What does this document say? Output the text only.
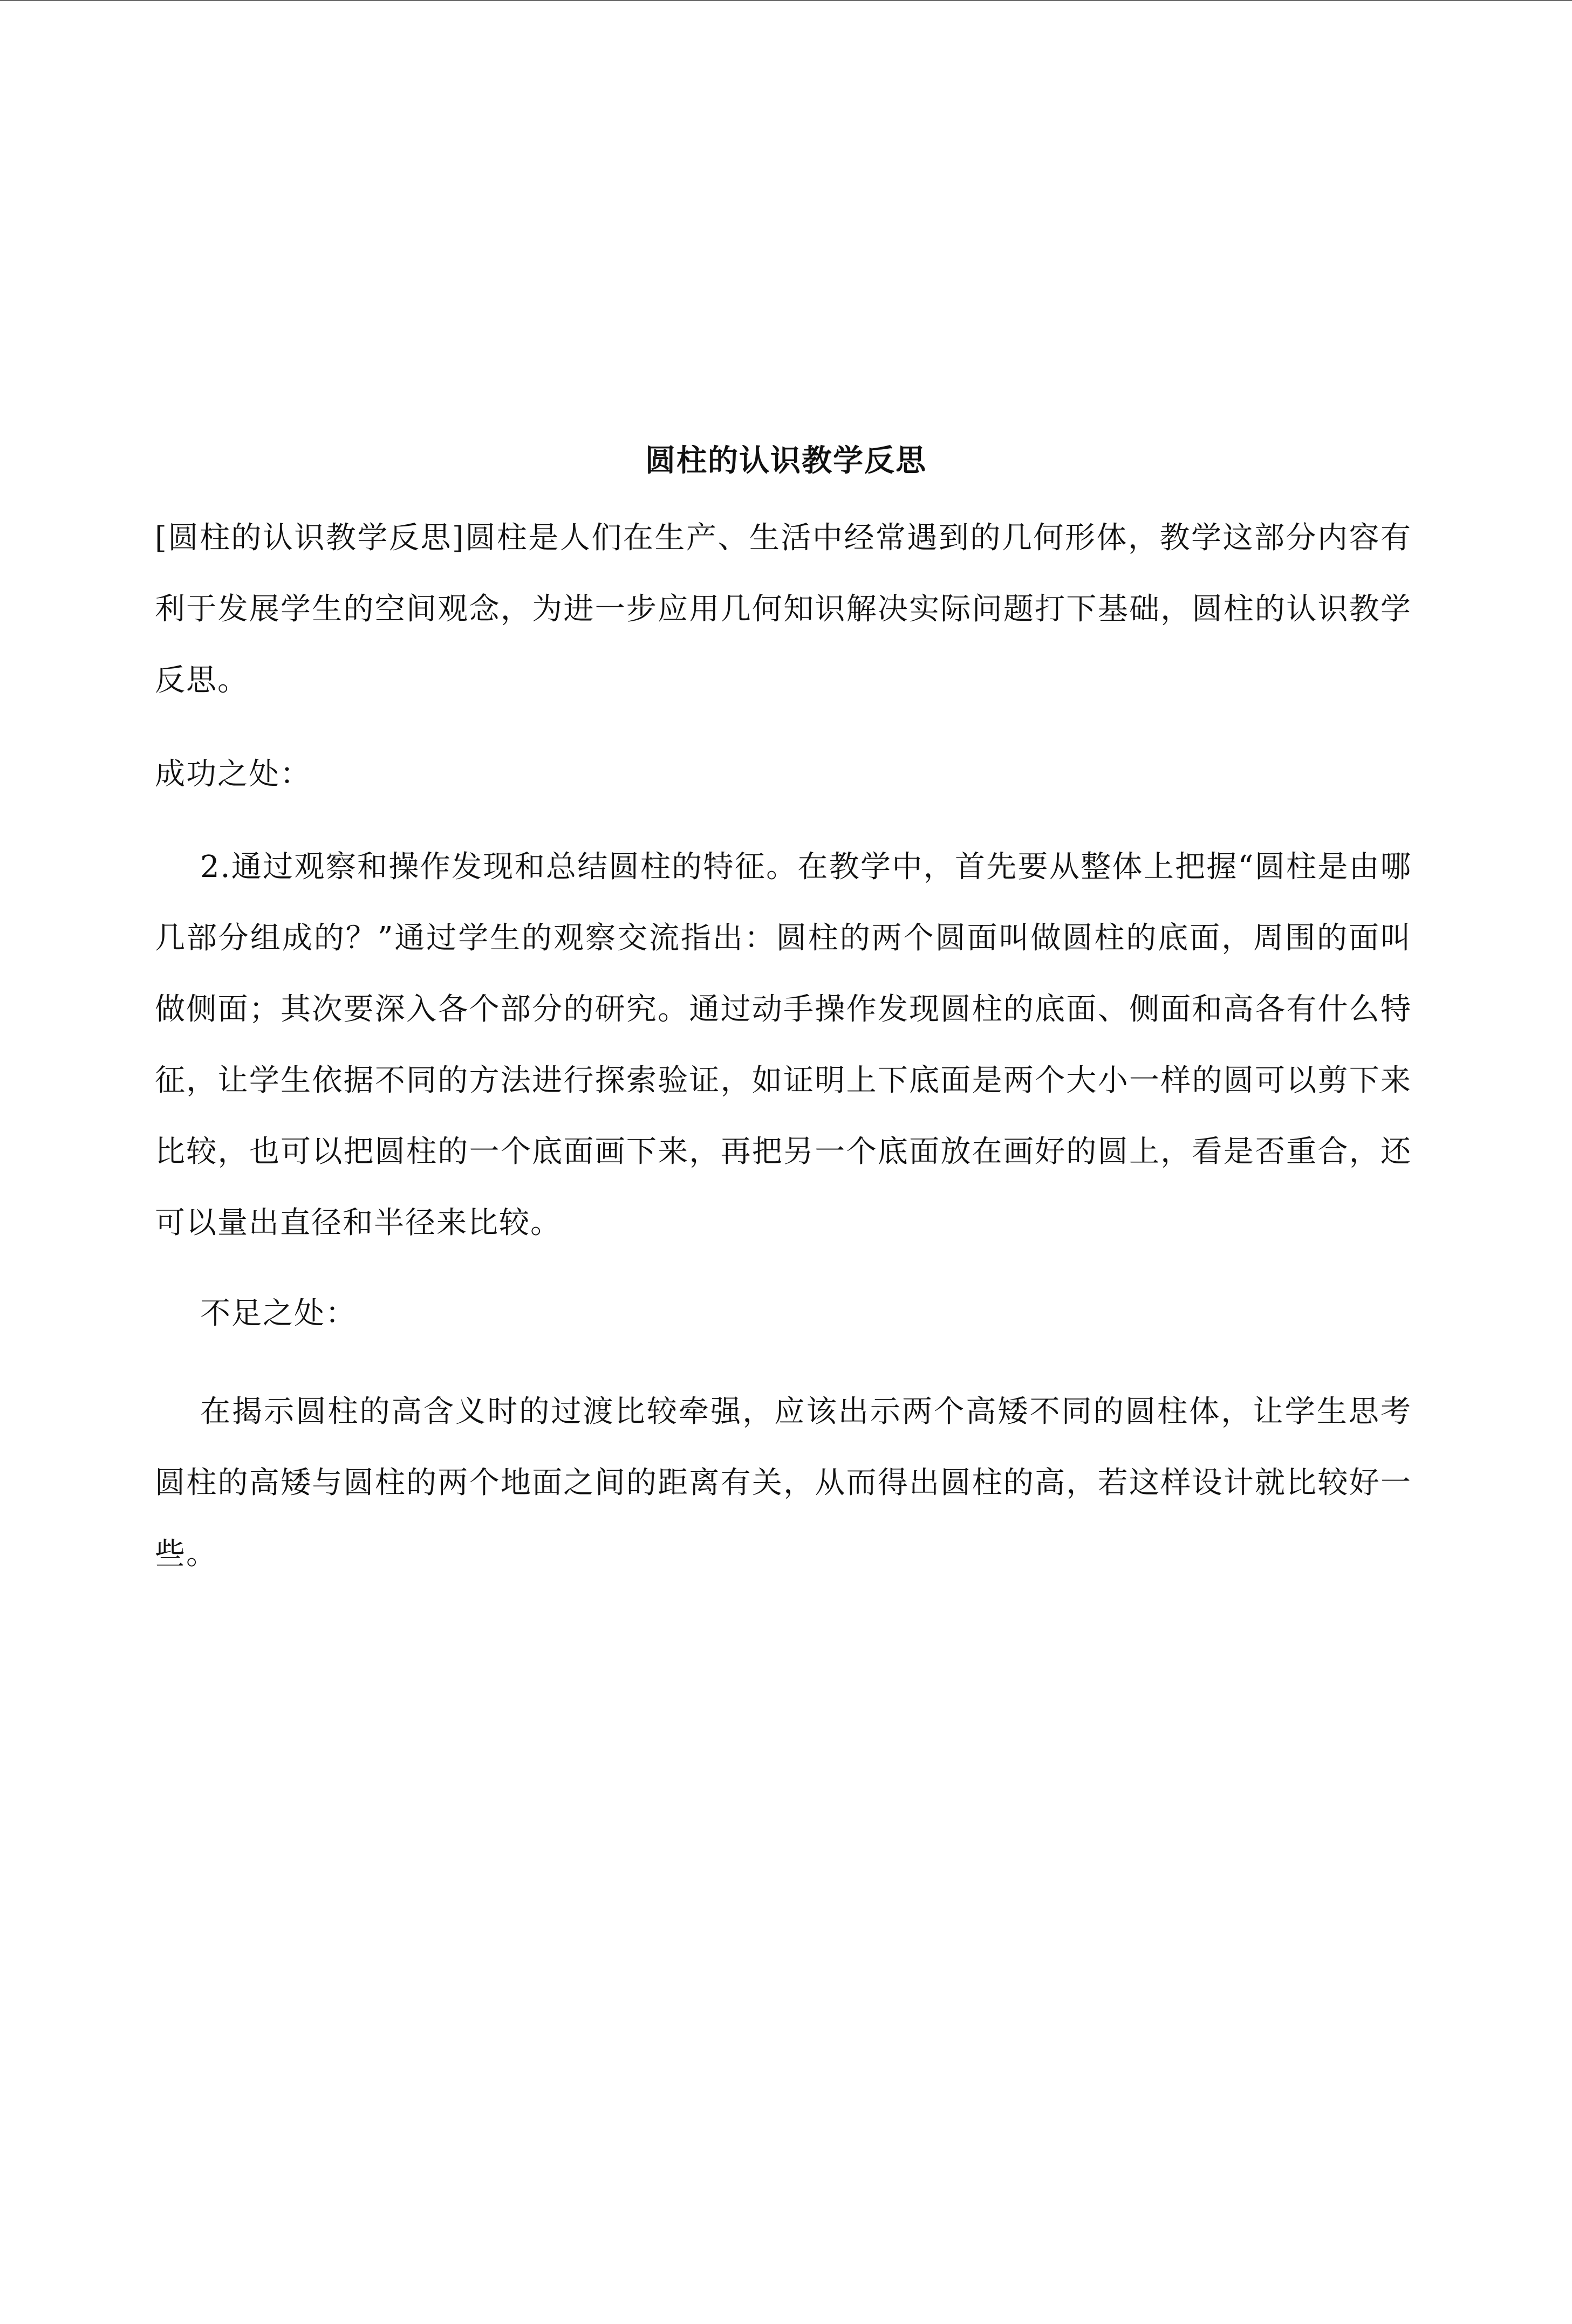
圆柱的认识教学反思

[圆柱的认识教学反思]圆柱是人们在生产、生活中经常遇到的几何形体，教学这部分内容有利于发展学生的空间观念，为进一步应用几何知识解决实际问题打下基础，圆柱的认识教学反思。

成功之处：

2.通过观察和操作发现和总结圆柱的特征。在教学中，首先要从整体上把握“圆柱是由哪几部分组成的？”通过学生的观察交流指出：圆柱的两个圆面叫做圆柱的底面，周围的面叫做侧面；其次要深入各个部分的研究。通过动手操作发现圆柱的底面、侧面和高各有什么特征，让学生依据不同的方法进行探索验证，如证明上下底面是两个大小一样的圆可以剪下来比较，也可以把圆柱的一个底面画下来，再把另一个底面放在画好的圆上，看是否重合，还可以量出直径和半径来比较。

不足之处：

在揭示圆柱的高含义时的过渡比较牵强，应该出示两个高矮不同的圆柱体，让学生思考圆柱的高矮与圆柱的两个地面之间的距离有关，从而得出圆柱的高，若这样设计就比较好一些。
